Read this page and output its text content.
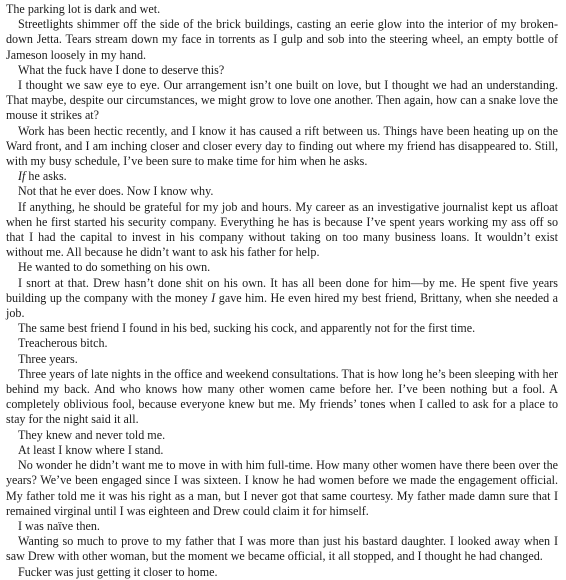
The parking lot is dark and wet.

Streetlights shimmer off the side of the brick buildings, casting an eerie glow into the interior of my broken-down Jetta. Tears stream down my face in torrents as I gulp and sob into the steering wheel, an empty bottle of Jameson loosely in my hand.

What the fuck have I done to deserve this?

I thought we saw eye to eye. Our arrangement isn’t one built on love, but I thought we had an understanding. That maybe, despite our circumstances, we might grow to love one another. Then again, how can a snake love the mouse it strikes at?

Work has been hectic recently, and I know it has caused a rift between us. Things have been heating up on the Ward front, and I am inching closer and closer every day to finding out where my friend has disappeared to. Still, with my busy schedule, I’ve been sure to make time for him when he asks.

If he asks.

Not that he ever does. Now I know why.

If anything, he should be grateful for my job and hours. My career as an investigative journalist kept us afloat when he first started his security company. Everything he has is because I’ve spent years working my ass off so that I had the capital to invest in his company without taking on too many business loans. It wouldn’t exist without me. All because he didn’t want to ask his father for help.

He wanted to do something on his own.

I snort at that. Drew hasn’t done shit on his own. It has all been done for him—by me. He spent five years building up the company with the money I gave him. He even hired my best friend, Brittany, when she needed a job.

The same best friend I found in his bed, sucking his cock, and apparently not for the first time.

Treacherous bitch.

Three years.

Three years of late nights in the office and weekend consultations. That is how long he’s been sleeping with her behind my back. And who knows how many other women came before her. I’ve been nothing but a fool. A completely oblivious fool, because everyone knew but me. My friends’ tones when I called to ask for a place to stay for the night said it all.

They knew and never told me.

At least I know where I stand.

No wonder he didn’t want me to move in with him full-time. How many other women have there been over the years? We’ve been engaged since I was sixteen. I know he had women before we made the engagement official. My father told me it was his right as a man, but I never got that same courtesy. My father made damn sure that I remained virginal until I was eighteen and Drew could claim it for himself.

I was naïve then.

Wanting so much to prove to my father that I was more than just his bastard daughter. I looked away when I saw Drew with other woman, but the moment we became official, it all stopped, and I thought he had changed.

Fucker was just getting it closer to home.
